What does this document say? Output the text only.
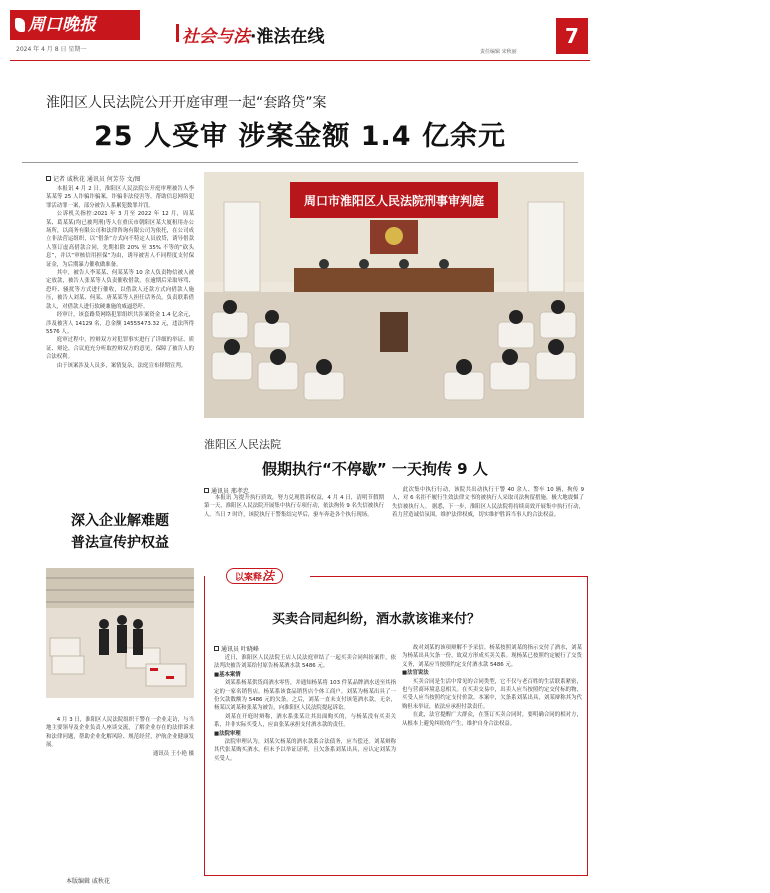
周口晚报
2024 年 4 月 8 日 星期一
社会与法·淮法在线
责任编辑 宋秋丽
7
淮阳区人民法院公开开庭审理一起“套路贷”案
25 人受审 涉案金额 1.4 亿余元
记者 戚秋花 通讯员 何芳芬 文/图

本报讯 4 月 2 日，淮阳区人民法院公开庭审理被告人李某某等 25 人诈骗诈骗案，诈骗非法侵害等，帮助信息网络犯罪活动罪一案，部分被告人系累犯数罪并罚。

公诉机关指控:2021 年 3 月至 2022 年 12 月，周某某、葛某某(均已被判刑)等人在重庆市朝阳区某大厦租用办公场所，以商务有限公司和法律咨询有限公司为依托，在公司成立非法营运组织，以“借条”方式向不特定人员放贷，诱导借款人签订虚高借款合同，先期扣除 20% 至 35% 不等的“砍头息”，并以“审核信用担保”为由，诱导被害人不同程度支付保证金，为后期暴力催收做准备。

其中，被告人李某某、何某某等 10 余人负责物信被人被定放款，被告人张某等人负责催收借款，在逾期后采取辱骂、恐吓、骚扰等方式进行催收，以借款人还款方式向借款人施压，被告人刘某、何某、唐某某等人担任话务员，负责联系借款人，对借款人进行软硬兼施的威逼恐吓。

经审计，该套路贷网络犯罪组织共涉案资金 1.4 亿余元，涉及被害人 14129 名，总金额 14555473.32 元，违法所得 5576 人。

庭审过程中，控辩双方对犯罪事实进行了详细的举证、质证、辩论，合议庭充分听取控辩双方的意见，保障了被告人的合法权利。

由于该案涉及人员多，案情复杂，法庭宣布择期宣判。

周口市淮阳区人民法院刑事审判庭
庭审现场。
淮阳区人民法院
假期执行“不停歇” 一天拘传 9 人
通讯员 邢孝忠

本报讯 为提升执行质效，努力兑现胜诉权益，4 月 4 日，清明节假期第一天，淮阳区人民法院开展集中执行专项行动，依法拘传 9 名失信被执行人。当日 7 时许，该院执行干警集结完毕后，驱车奔赴各个执行现场。

此次集中执行行动，该院共出动执行干警 40 余人、警车 10 辆，拘传 9 人，对 6 名拒不履行生效法律文书的被执行人采取司法拘留措施，极大地震慑了失信被执行人。 据悉，下一步，淮阳区人民法院将持续高效开展集中执行行动，着力营造诚信氛围，维护法律权威，切实维护胜诉当事人的合法权益。

深入企业解难题
普法宣传护权益

4 月 3 日，淮阳区人民法院组织干警在一企业走访，与当地主要领导及企业负责人座谈交流，了解企业存在的法律诉求和法律问题，帮助企业化解风险、规范经营，护航企业健康发展。

通讯员 王小艳 摄

以案释法
买卖合同起纠纷，酒水款该谁来付？
通讯员 叶晓峰

近日，淮阳区人民法院王店人民法庭审结了一起买卖合同纠纷案件，依法判决被告刘某给付原告杨某酒水款 5486 元。

■基本案情

刘某系杨某供货商酒水零售，并通知杨某将 103 件某品牌酒水送至其指定的一家名销售店。杨某系该食品销售店个体工商户。刘某为杨某出具了一份欠款数额为 5486 元的欠条。之后，刘某一直未支付该笔酒水款，无奈，杨某以刘某和张某为被告，向淮阳区人民法院提起诉讼。

刘某在开庭时辩称，酒水系张某让其出面购买的，与杨某没有买卖关系，并非实际买受人，应由张某承担支付酒水款的责任。

■法院审理

法院审理认为，刘某欠杨某的酒水款系合法债务，应当偿还。刘某辩称其代张某购买酒水，但未予以举证证明，且欠条系刘某出具，应认定刘某为买受人。

故对刘某的该项辩解不予采信。杨某按照刘某的指示交付了酒水，刘某为杨某出具欠条一份，故双方形成买卖关系。现杨某已按照约定履行了交货义务，刘某应当按照约定支付酒水款 5486 元。

■法官说法

买卖合同是生活中常见的合同类型，它不仅与老百姓的生活联系紧密，也与营商环境息息相关。在买卖交易中，出卖人应当按照约定交付标的物，买受人应当按照约定支付价款。本案中，欠条系刘某出具，刘某辩称其为代购但未举证，依法应承担付款责任。

在此，法官提醒广大群众，在签订买卖合同时，要明确合同的相对方，从根本上避免纠纷的产生，维护自身合法权益。

本版编辑 戚秋花
